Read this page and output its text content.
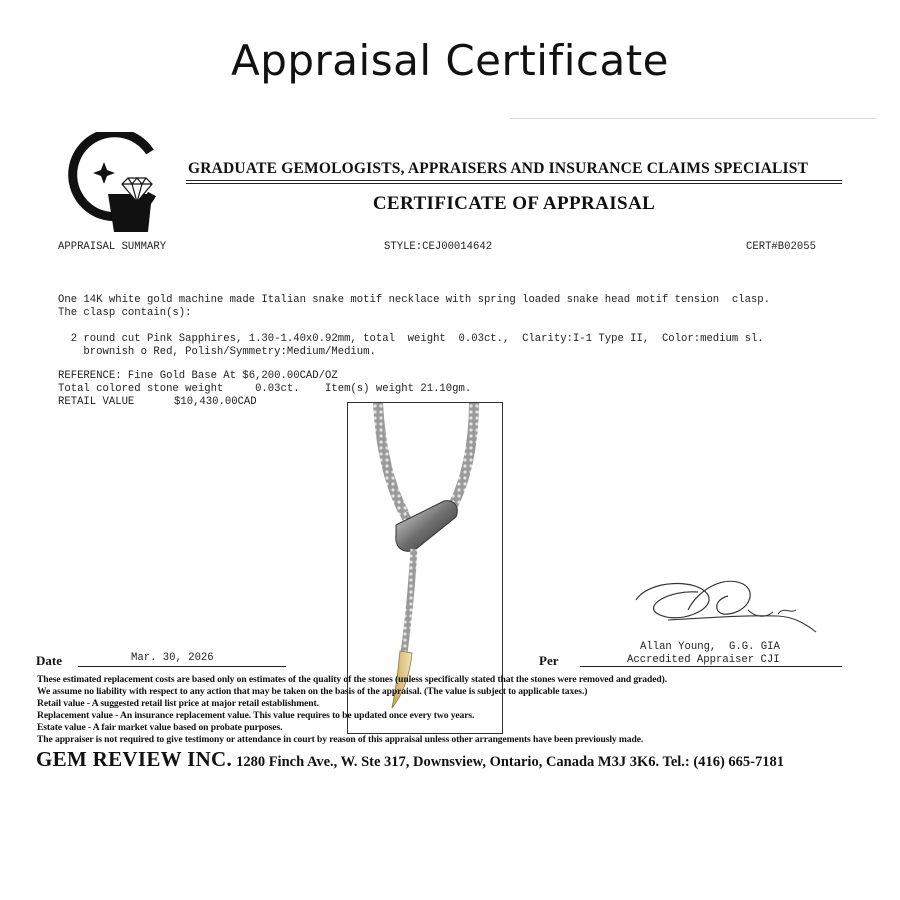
Appraisal Certificate
GRADUATE GEMOLOGISTS, APPRAISERS AND INSURANCE CLAIMS SPECIALIST
CERTIFICATE OF APPRAISAL
APPRAISAL SUMMARY	STYLE:CEJ00014642	CERT#B02055
One 14K white gold machine made Italian snake motif necklace with spring loaded snake head motif tension  clasp.
The clasp contain(s):
2 round cut Pink Sapphires, 1.30-1.40x0.92mm, total  weight  0.03ct.,  Clarity:I-1 Type II,  Color:medium sl.
brownish o Red, Polish/Symmetry:Medium/Medium.
REFERENCE: Fine Gold Base At $6,200.00CAD/OZ
Total colored stone weight     0.03ct.    Item(s) weight 21.10gm.
RETAIL VALUE	$10,430.00CAD
Allan Young,  G.G. GIA
Accredited Appraiser CJI
Date	Mar. 30, 2026	Per
These estimated replacement costs are based only on estimates of the quality of the stones (unless specifically stated that the stones were removed and graded).
We assume no liability with respect to any action that may be taken on the basis of the appraisal. (The value is subject to applicable taxes.)
Retail value - A suggested retail list price at major retail establishment.
Replacement value - An insurance replacement value. This value requires to be updated once every two years.
Estate value - A fair market value based on probate purposes.
The appraiser is not required to give testimony or attendance in court by reason of this appraisal unless other arrangements have been previously made.
GEM REVIEW INC. 1280 Finch Ave., W. Ste 317, Downsview, Ontario, Canada M3J 3K6. Tel.: (416) 665-7181
